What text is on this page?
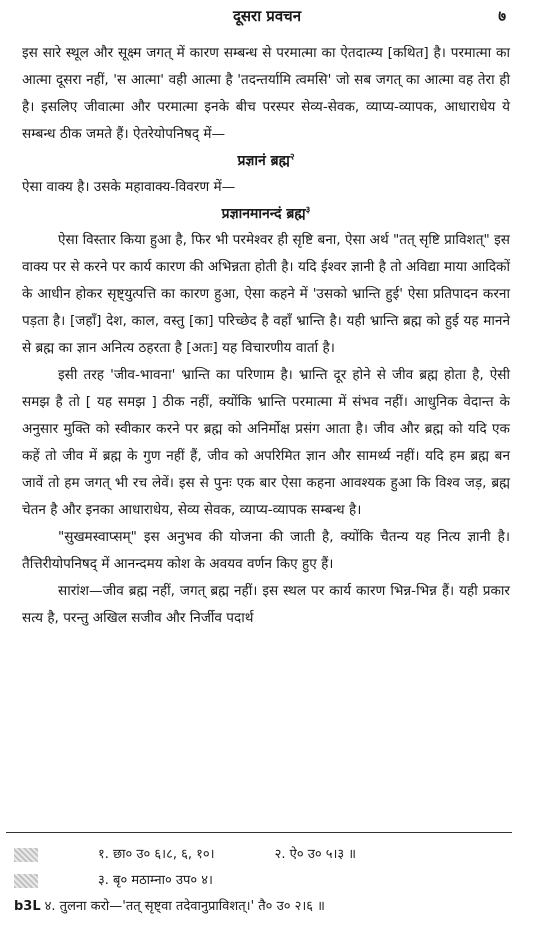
दूसरा प्रवचन	७

इस सारे स्थूल और सूक्ष्म जगत् में कारण सम्बन्ध से परमात्मा का ऐतदात्म्य [कथित] है। परमात्मा का आत्मा दूसरा नहीं, 'स आत्मा' वही आत्मा है 'तदन्तर्यामि त्वमसि' जो सब जगत् का आत्मा वह तेरा ही है। इसलिए जीवात्मा और परमात्मा इनके बीच परस्पर सेव्य-सेवक, व्याप्य-व्यापक, आधाराधेय ये सम्बन्ध ठीक जमते हैं। ऐतरेयोपनिषद् में—

प्रज्ञानं ब्रह्म$^२$

ऐसा वाक्य है। उसके महावाक्य-विवरण में—

प्रज्ञानमानन्दं ब्रह्म$^३$

ऐसा विस्तार किया हुआ है, फिर भी परमेश्वर ही सृष्टि बना, ऐसा अर्थ "तत् सृष्टि प्राविशत्" इस वाक्य पर से करने पर कार्य कारण की अभिन्नता होती है। यदि ईश्वर ज्ञानी है तो अविद्या माया आदिकों के आधीन होकर सृष्ट्युत्पत्ति का कारण हुआ, ऐसा कहने में 'उसको भ्रान्ति हुई' ऐसा प्रतिपादन करना पड़ता है। [जहाँ] देश, काल, वस्तु [का] परिच्छेद है वहाँ भ्रान्ति है। यही भ्रान्ति ब्रह्म को हुई यह मानने से ब्रह्म का ज्ञान अनित्य ठहरता है [अतः] यह विचारणीय वार्ता है।

इसी तरह 'जीव-भावना' भ्रान्ति का परिणाम है। भ्रान्ति दूर होने से जीव ब्रह्म होता है, ऐसी समझ है तो [ यह समझ ] ठीक नहीं, क्योंकि भ्रान्ति परमात्मा में संभव नहीं। आधुनिक वेदान्त के अनुसार मुक्ति को स्वीकार करने पर ब्रह्म को अनिर्मोक्ष प्रसंग आता है। जीव और ब्रह्म को यदि एक कहें तो जीव में ब्रह्म के गुण नहीं हैं, जीव को अपरिमित ज्ञान और सामर्थ्य नहीं। यदि हम ब्रह्म बन जावें तो हम जगत् भी रच लेवें। इस से पुनः एक बार ऐसा कहना आवश्यक हुआ कि विश्व जड़, ब्रह्म चेतन है और इनका आधाराधेय, सेव्य सेवक, व्याप्य-व्यापक सम्बन्ध है।

"सुखमस्वाप्सम्" इस अनुभव की योजना की जाती है, क्योंकि चैतन्य यह नित्य ज्ञानी है। तैत्तिरीयोपनिषद् में आनन्दमय कोश के अवयव वर्णन किए हुए हैं।

सारांश—जीव ब्रह्म नहीं, जगत् ब्रह्म नहीं। इस स्थल पर कार्य कारण भिन्न-भिन्न हैं। यही प्रकार सत्य है, परन्तु अखिल सजीव और निर्जीव पदार्थ

१. छा० उ० ६।८, ६, १०।	२. ऐ० उ० ५।३ ॥
३. बृ० मठाम्ना० उप० ४।
b3L ४. तुलना करो—'तत् सृष्ट्वा तदेवानुप्राविशत्।' तै० उ० २।६ ॥
